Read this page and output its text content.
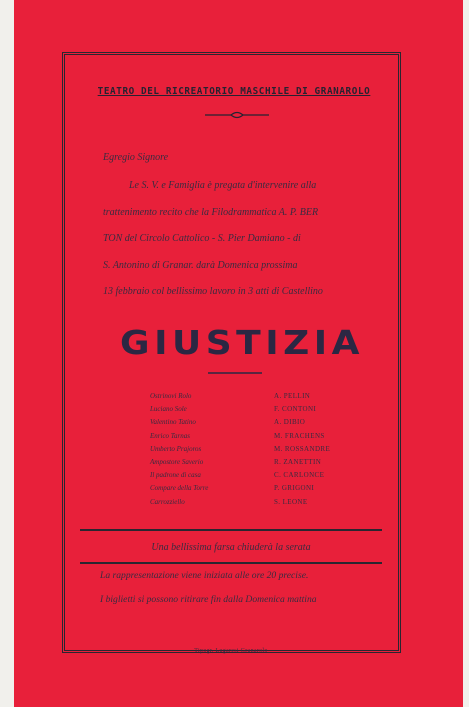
TEATRO DEL RICREATORIO MASCHILE DI GRANAROLO
Egregio Signore
Le S. V. e Famiglia è pregata d'intervenire alla
trattenimento recito che la Filodrammatica A. P. BER
TON del Circolo Cattolico - S. Pier Damiano - di
S. Antonino di Granar. darà Domenica prossima
13 febbraio col bellissimo lavoro in 3 atti di Castellino
GIUSTIZIA
Ostrinovi Rolo	A. PELLIN
Luciano Sole	F. CONTONI
Valentino Tatino	A. DIBIO
Enrico Tarnas	M. FRACHENS
Umberto Prajoros	M. ROSSANDRE
Ampostore Saverio	R. ZANETTIN
Il padrone di casa	C. CARLONCE
Compare della Torre	P. GRIGONI
Carrozziello	S. LEONE
Una bellissima farsa chiuderà la serata
La rappresentazione viene iniziata alle ore 20 precise.
I biglietti si possono ritirare fin dalla Domenica mattina
Tipogr. Lugaresi Granarolo
